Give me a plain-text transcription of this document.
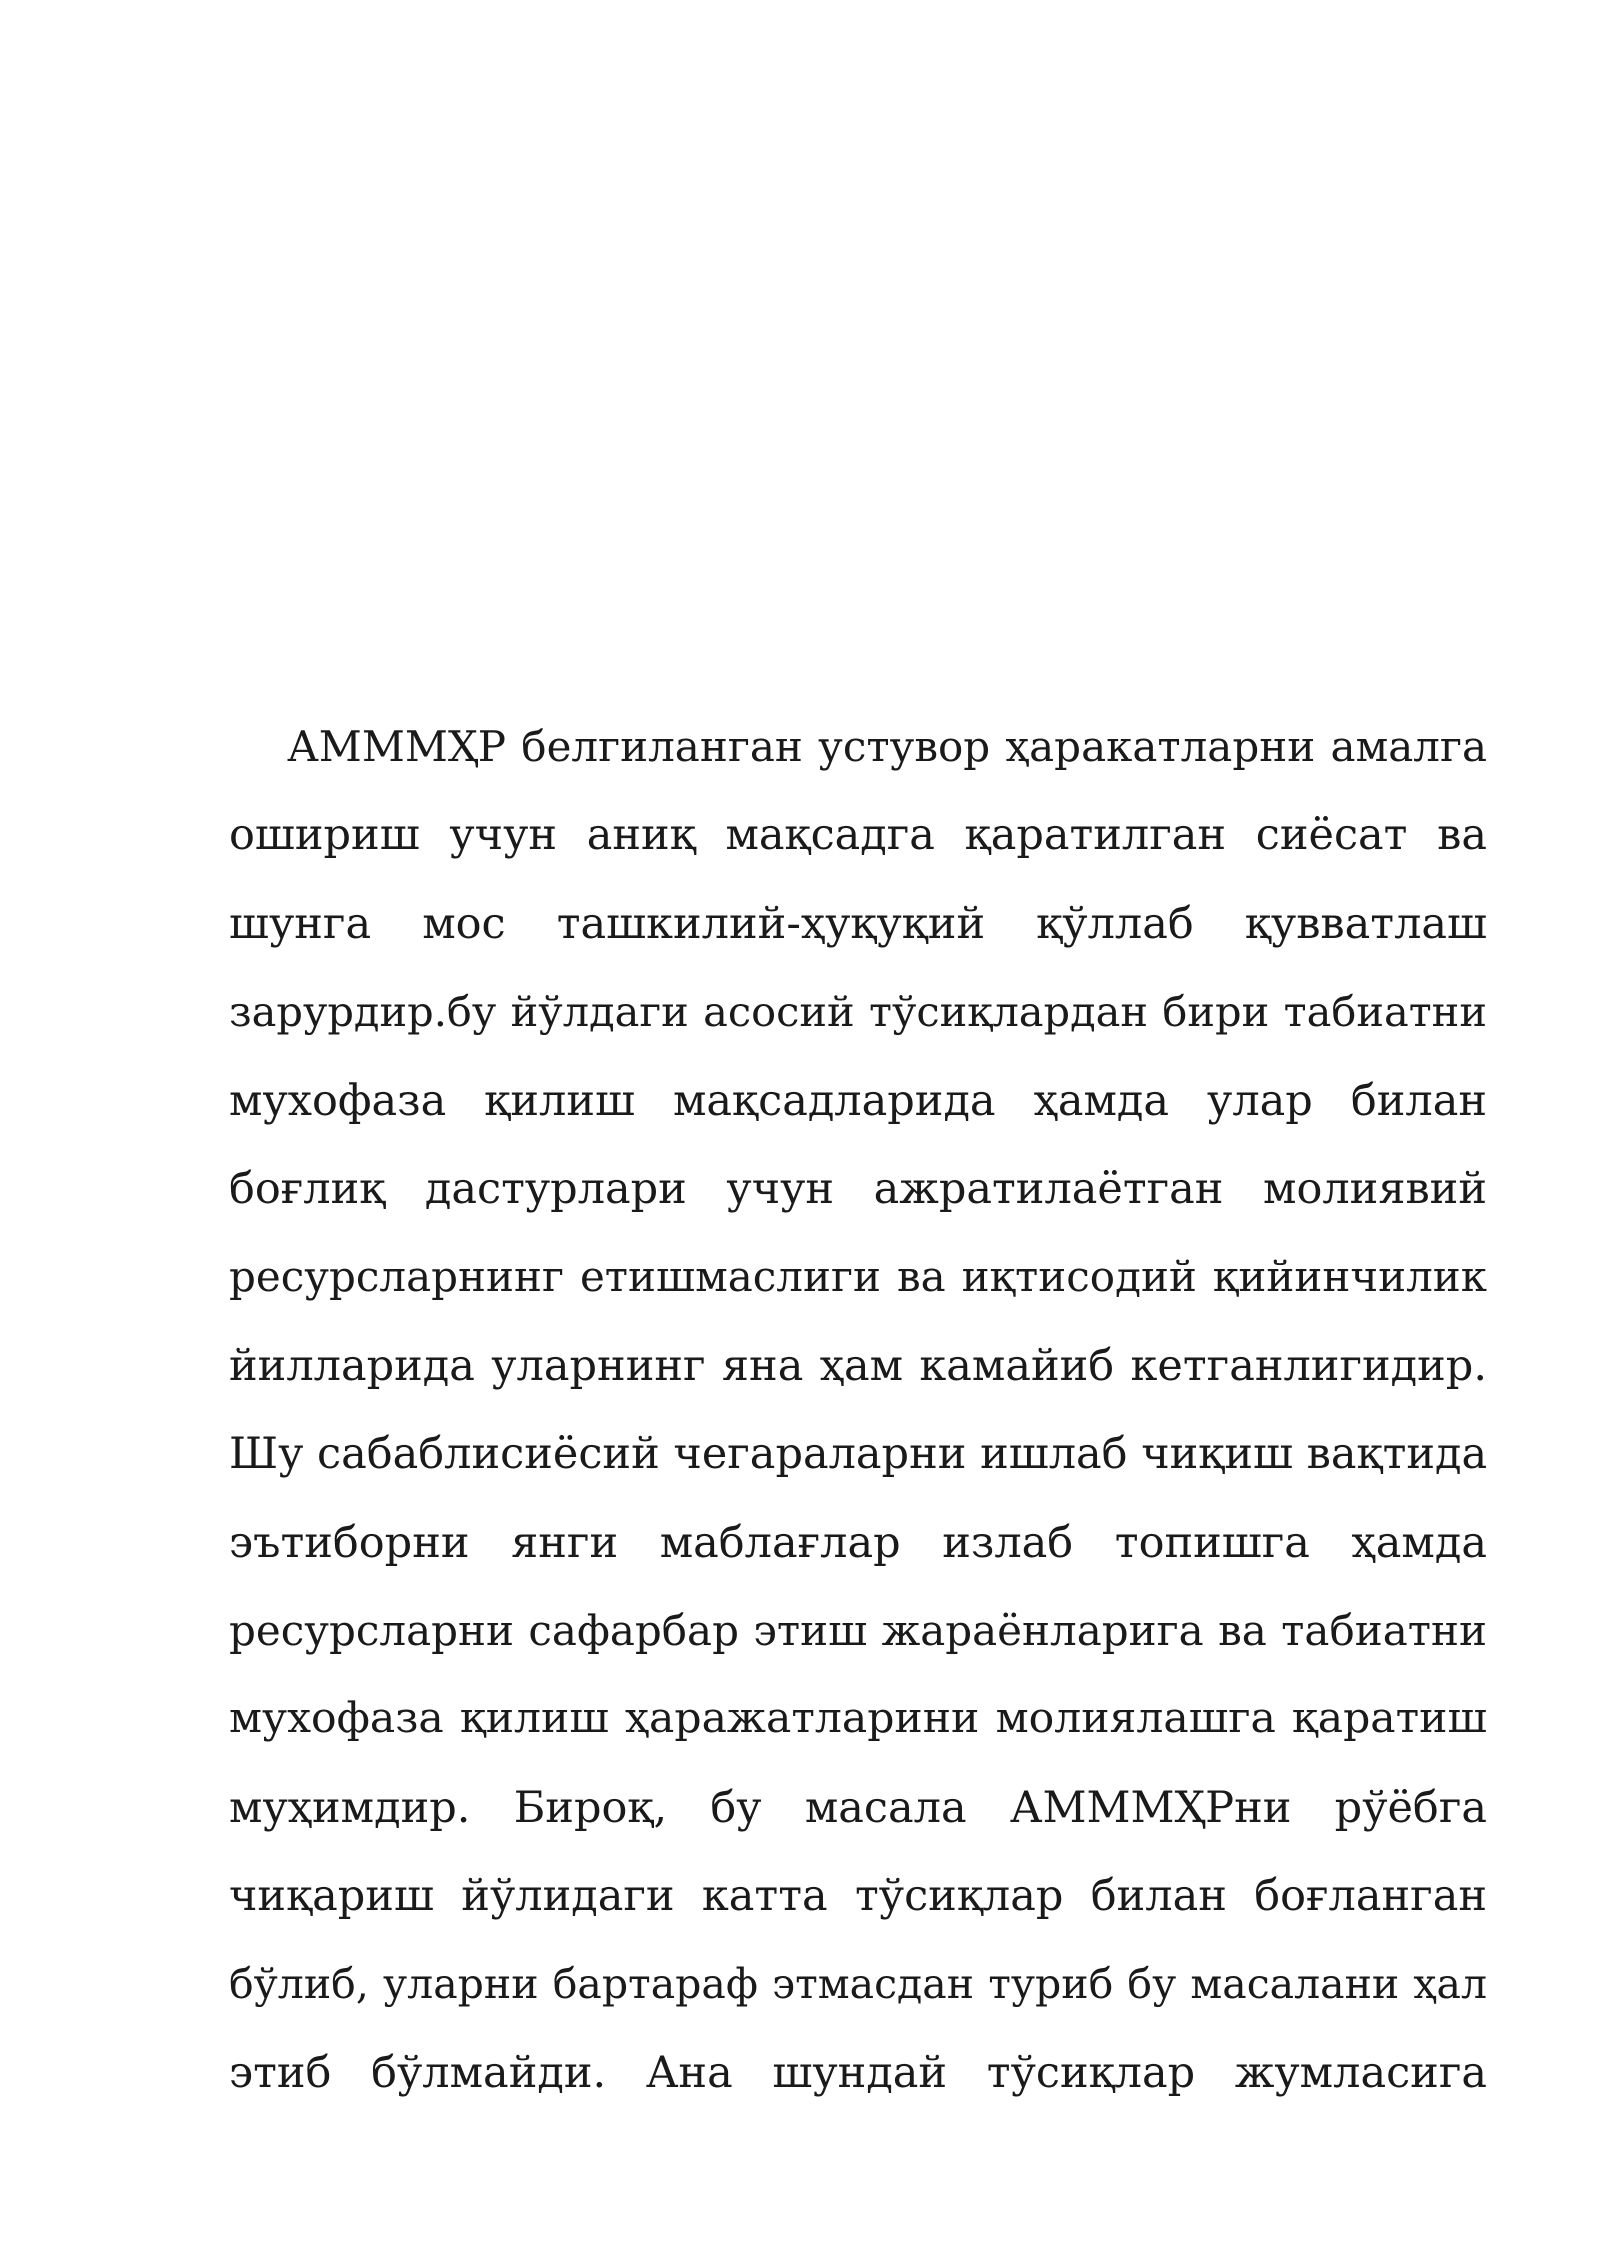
АММMҲР белгиланган устувор ҳаракатларни амалга
ошириш учун аниқ мақсадга қаратилган сиёсат ва
шунга мос ташкилий-ҳуқуқий қўллаб қувватлаш
зарурдир.бу йўлдаги асосий тўсиқлардан бири табиатни
мухофаза қилиш мақсадларида ҳамда улар билан
боғлиқ дастурлари учун ажратилаётган молиявий
ресурсларнинг етишмаслиги ва иқтисодий қийинчилик
йилларида уларнинг яна ҳам камайиб кетганлигидир.
Шу сабаблисиёсий чегараларни ишлаб чиқиш вақтида
эътиборни янги маблағлар излаб топишга ҳамда
ресурсларни сафарбар этиш жараёнларига ва табиатни
мухофаза қилиш ҳаражатларини молиялашга қаратиш
муҳимдир. Бироқ, бу масала АММMҲРни рўёбга
чиқариш йўлидаги катта тўсиқлар билан боғланган
бўлиб, уларни бартараф этмасдан туриб бу масалани ҳал
этиб бўлмайди. Ана шундай тўсиқлар жумласига
